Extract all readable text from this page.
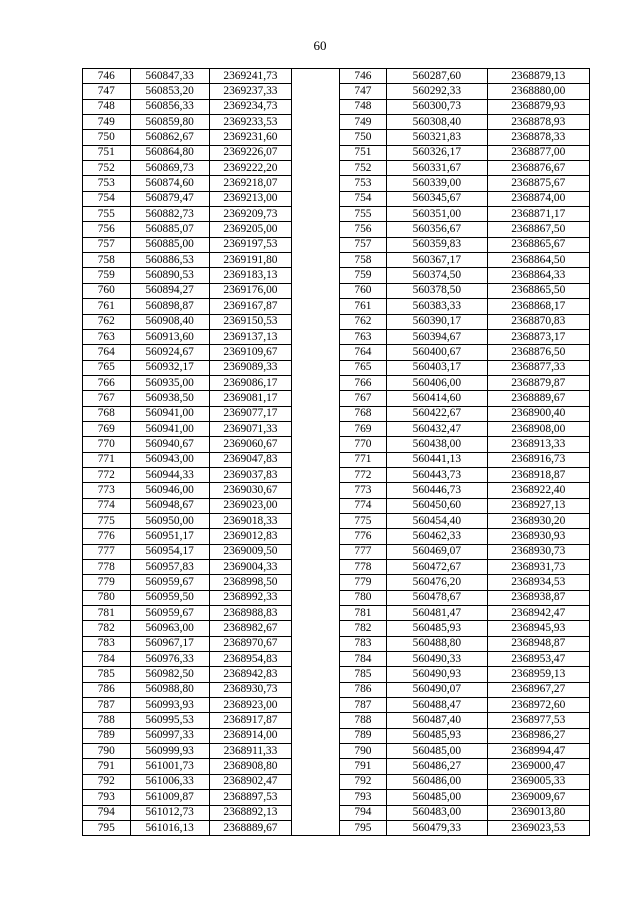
60
746	560847,33	2369241,73		746	560287,60	2368879,13
747	560853,20	2369237,33		747	560292,33	2368880,00
748	560856,33	2369234,73		748	560300,73	2368879,93
749	560859,80	2369233,53		749	560308,40	2368878,93
750	560862,67	2369231,60		750	560321,83	2368878,33
751	560864,80	2369226,07		751	560326,17	2368877,00
752	560869,73	2369222,20		752	560331,67	2368876,67
753	560874,60	2369218,07		753	560339,00	2368875,67
754	560879,47	2369213,00		754	560345,67	2368874,00
755	560882,73	2369209,73		755	560351,00	2368871,17
756	560885,07	2369205,00		756	560356,67	2368867,50
757	560885,00	2369197,53		757	560359,83	2368865,67
758	560886,53	2369191,80		758	560367,17	2368864,50
759	560890,53	2369183,13		759	560374,50	2368864,33
760	560894,27	2369176,00		760	560378,50	2368865,50
761	560898,87	2369167,87		761	560383,33	2368868,17
762	560908,40	2369150,53		762	560390,17	2368870,83
763	560913,60	2369137,13		763	560394,67	2368873,17
764	560924,67	2369109,67		764	560400,67	2368876,50
765	560932,17	2369089,33		765	560403,17	2368877,33
766	560935,00	2369086,17		766	560406,00	2368879,87
767	560938,50	2369081,17		767	560414,60	2368889,67
768	560941,00	2369077,17		768	560422,67	2368900,40
769	560941,00	2369071,33		769	560432,47	2368908,00
770	560940,67	2369060,67		770	560438,00	2368913,33
771	560943,00	2369047,83		771	560441,13	2368916,73
772	560944,33	2369037,83		772	560443,73	2368918,87
773	560946,00	2369030,67		773	560446,73	2368922,40
774	560948,67	2369023,00		774	560450,60	2368927,13
775	560950,00	2369018,33		775	560454,40	2368930,20
776	560951,17	2369012,83		776	560462,33	2368930,93
777	560954,17	2369009,50		777	560469,07	2368930,73
778	560957,83	2369004,33		778	560472,67	2368931,73
779	560959,67	2368998,50		779	560476,20	2368934,53
780	560959,50	2368992,33		780	560478,67	2368938,87
781	560959,67	2368988,83		781	560481,47	2368942,47
782	560963,00	2368982,67		782	560485,93	2368945,93
783	560967,17	2368970,67		783	560488,80	2368948,87
784	560976,33	2368954,83		784	560490,33	2368953,47
785	560982,50	2368942,83		785	560490,93	2368959,13
786	560988,80	2368930,73		786	560490,07	2368967,27
787	560993,93	2368923,00		787	560488,47	2368972,60
788	560995,53	2368917,87		788	560487,40	2368977,53
789	560997,33	2368914,00		789	560485,93	2368986,27
790	560999,93	2368911,33		790	560485,00	2368994,47
791	561001,73	2368908,80		791	560486,27	2369000,47
792	561006,33	2368902,47		792	560486,00	2369005,33
793	561009,87	2368897,53		793	560485,00	2369009,67
794	561012,73	2368892,13		794	560483,00	2369013,80
795	561016,13	2368889,67		795	560479,33	2369023,53
